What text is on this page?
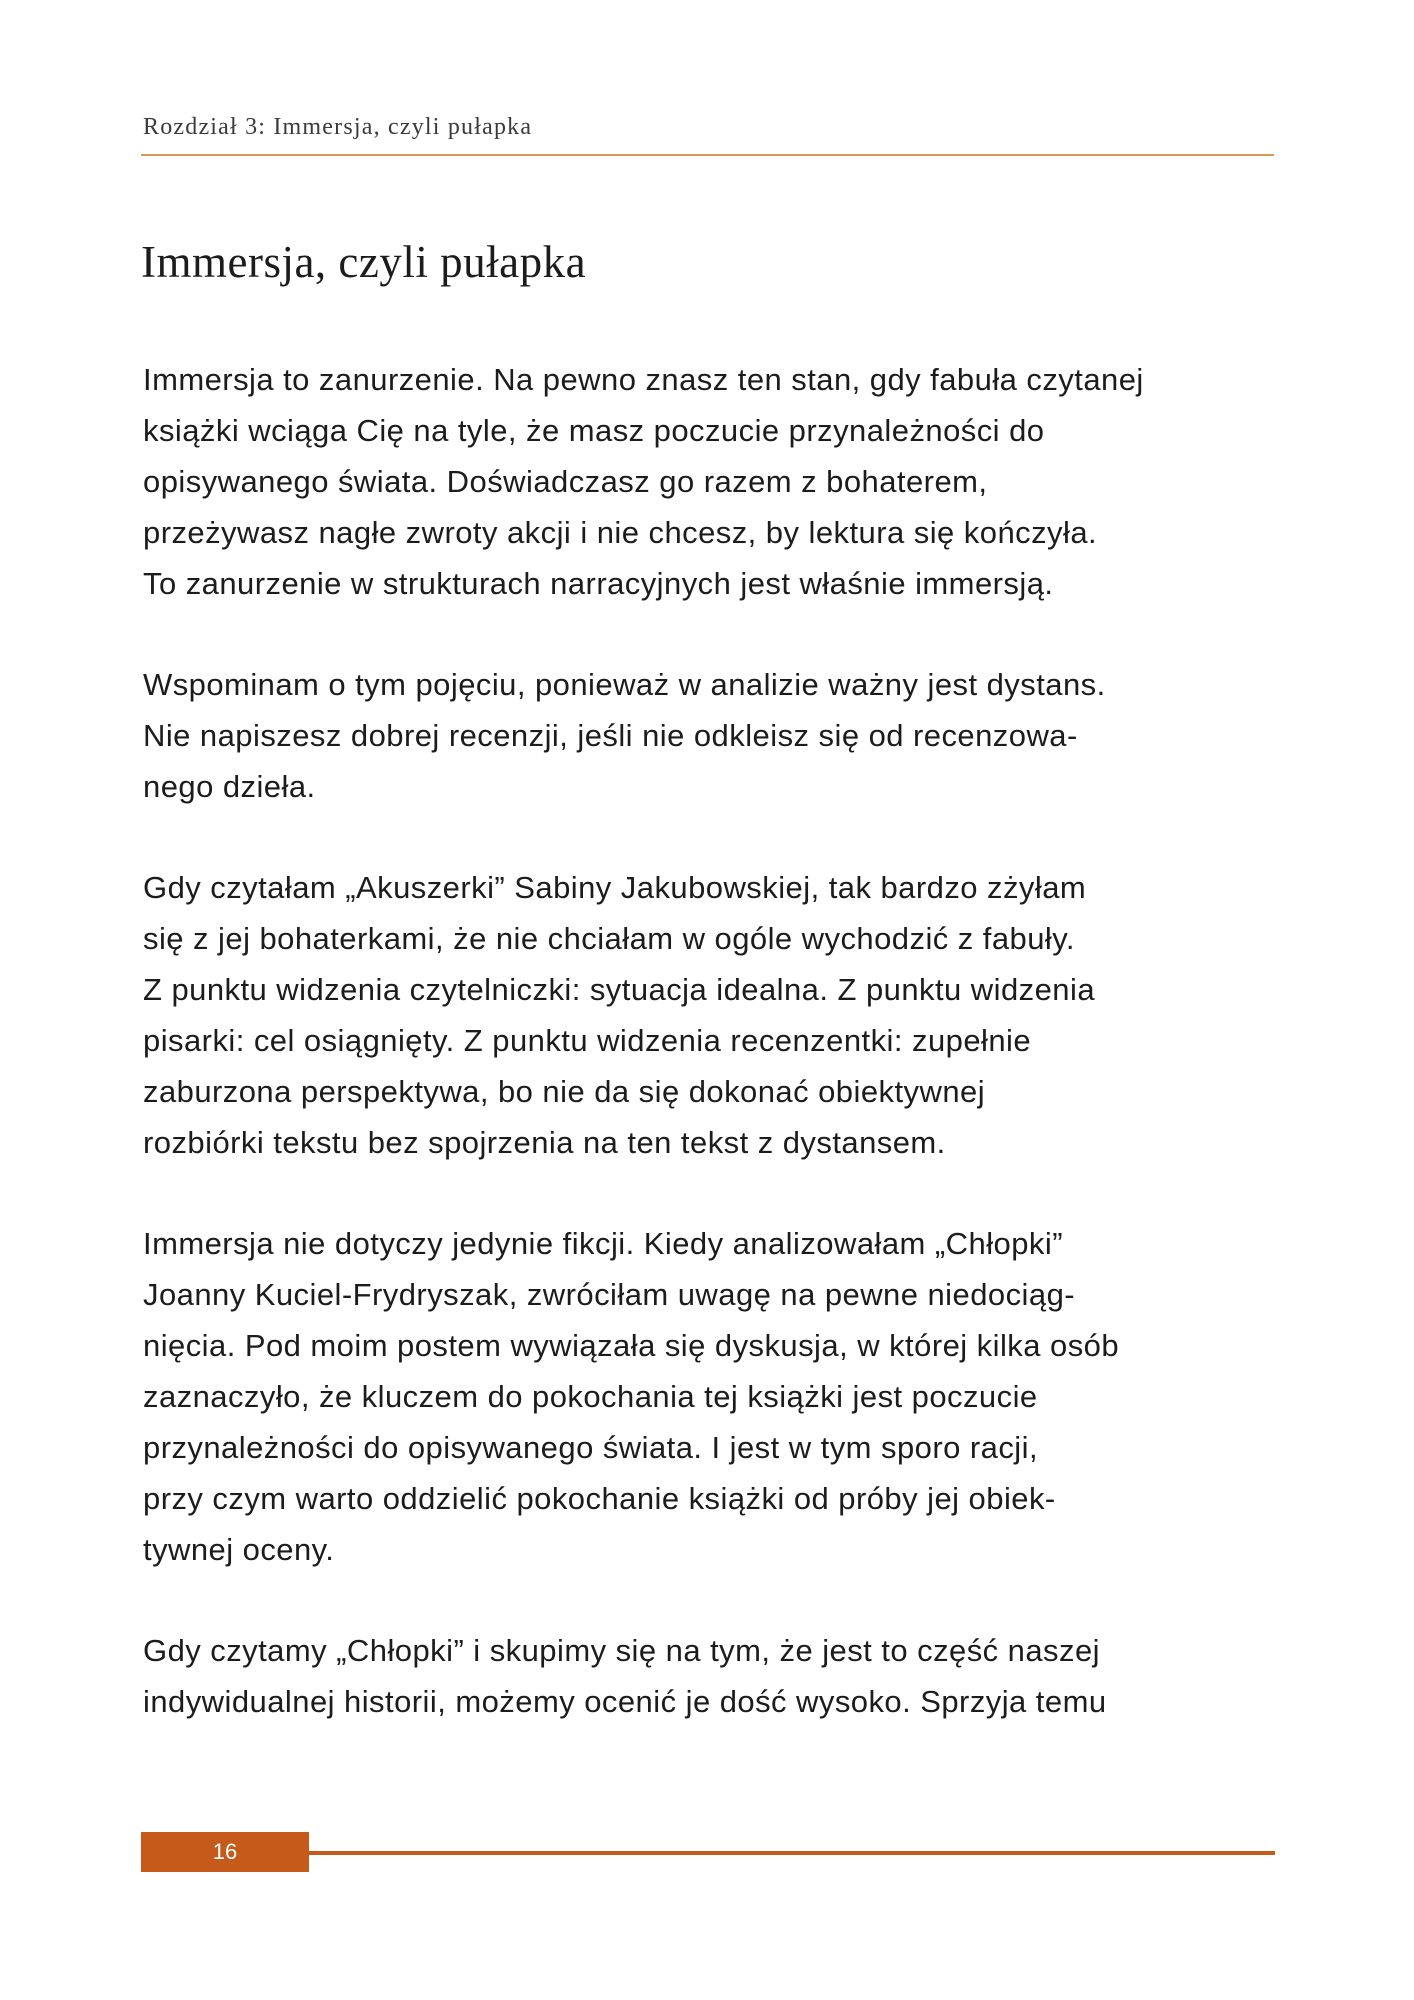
Rozdział 3: Immersja, czyli pułapka
Immersja, czyli pułapka

Immersja to zanurzenie. Na pewno znasz ten stan, gdy fabuła czytanej
książki wciąga Cię na tyle, że masz poczucie przynależności do
opisywanego świata. Doświadczasz go razem z bohaterem,
przeżywasz nagłe zwroty akcji i nie chcesz, by lektura się kończyła.
To zanurzenie w strukturach narracyjnych jest właśnie immersją.

Wspominam o tym pojęciu, ponieważ w analizie ważny jest dystans.
Nie napiszesz dobrej recenzji, jeśli nie odkleisz się od recenzowa-
nego dzieła.

Gdy czytałam „Akuszerki” Sabiny Jakubowskiej, tak bardzo zżyłam
się z jej bohaterkami, że nie chciałam w ogóle wychodzić z fabuły.
Z punktu widzenia czytelniczki: sytuacja idealna. Z punktu widzenia
pisarki: cel osiągnięty. Z punktu widzenia recenzentki: zupełnie
zaburzona perspektywa, bo nie da się dokonać obiektywnej
rozbiórki tekstu bez spojrzenia na ten tekst z dystansem.

Immersja nie dotyczy jedynie fikcji. Kiedy analizowałam „Chłopki”
Joanny Kuciel-Frydryszak, zwróciłam uwagę na pewne niedociąg-
nięcia. Pod moim postem wywiązała się dyskusja, w której kilka osób
zaznaczyło, że kluczem do pokochania tej książki jest poczucie
przynależności do opisywanego świata. I jest w tym sporo racji,
przy czym warto oddzielić pokochanie książki od próby jej obiek-
tywnej oceny.

Gdy czytamy „Chłopki” i skupimy się na tym, że jest to część naszej
indywidualnej historii, możemy ocenić je dość wysoko. Sprzyja temu

16
